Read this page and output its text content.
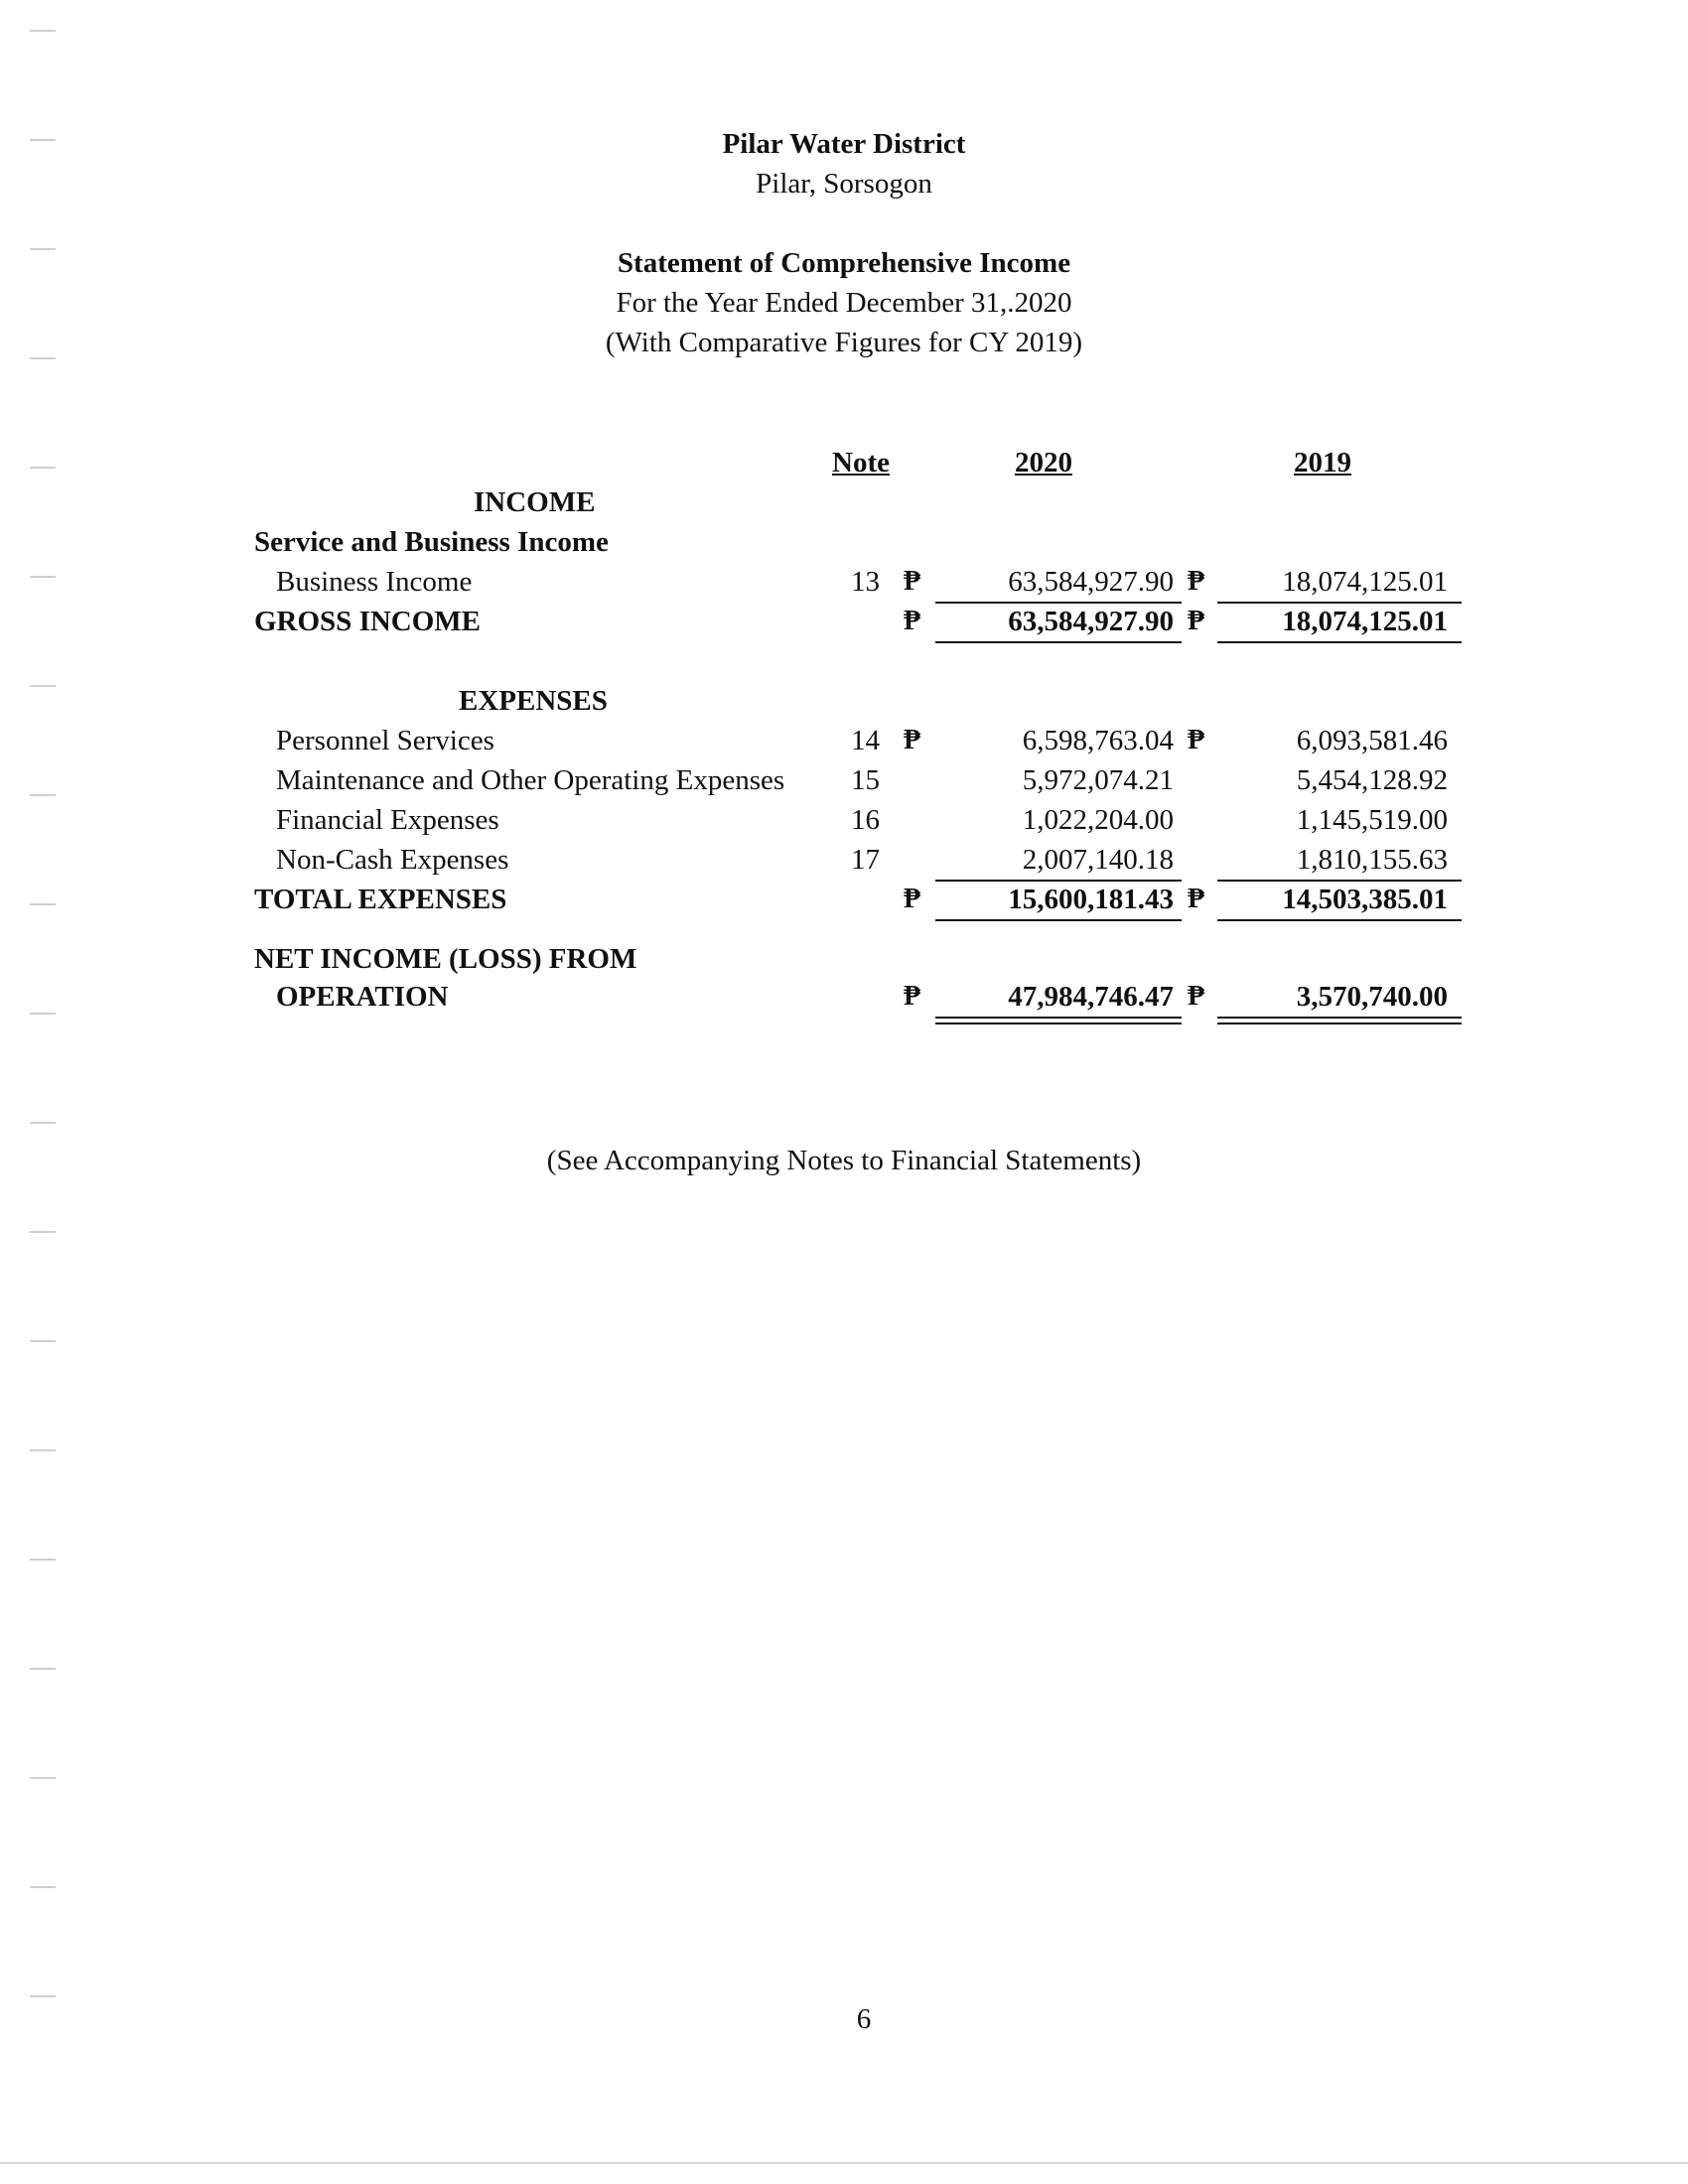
Pilar Water District
Pilar, Sorsogon
Statement of Comprehensive Income
For the Year Ended December 31,.2020
(With Comparative Figures for CY 2019)
Note	2020	2019
INCOME
Service and Business Income
Business Income	13 ₱	63,584,927.90 ₱	18,074,125.01
GROSS INCOME	₱	63,584,927.90 ₱	18,074,125.01
EXPENSES
Personnel Services	14 ₱	6,598,763.04 ₱	6,093,581.46
Maintenance and Other Operating Expenses	15	5,972,074.21	5,454,128.92
Financial Expenses	16	1,022,204.00	1,145,519.00
Non-Cash Expenses	17	2,007,140.18	1,810,155.63
TOTAL EXPENSES	₱	15,600,181.43 ₱	14,503,385.01
NET INCOME (LOSS) FROM
OPERATION	₱	47,984,746.47 ₱	3,570,740.00
(See Accompanying Notes to Financial Statements)
6
